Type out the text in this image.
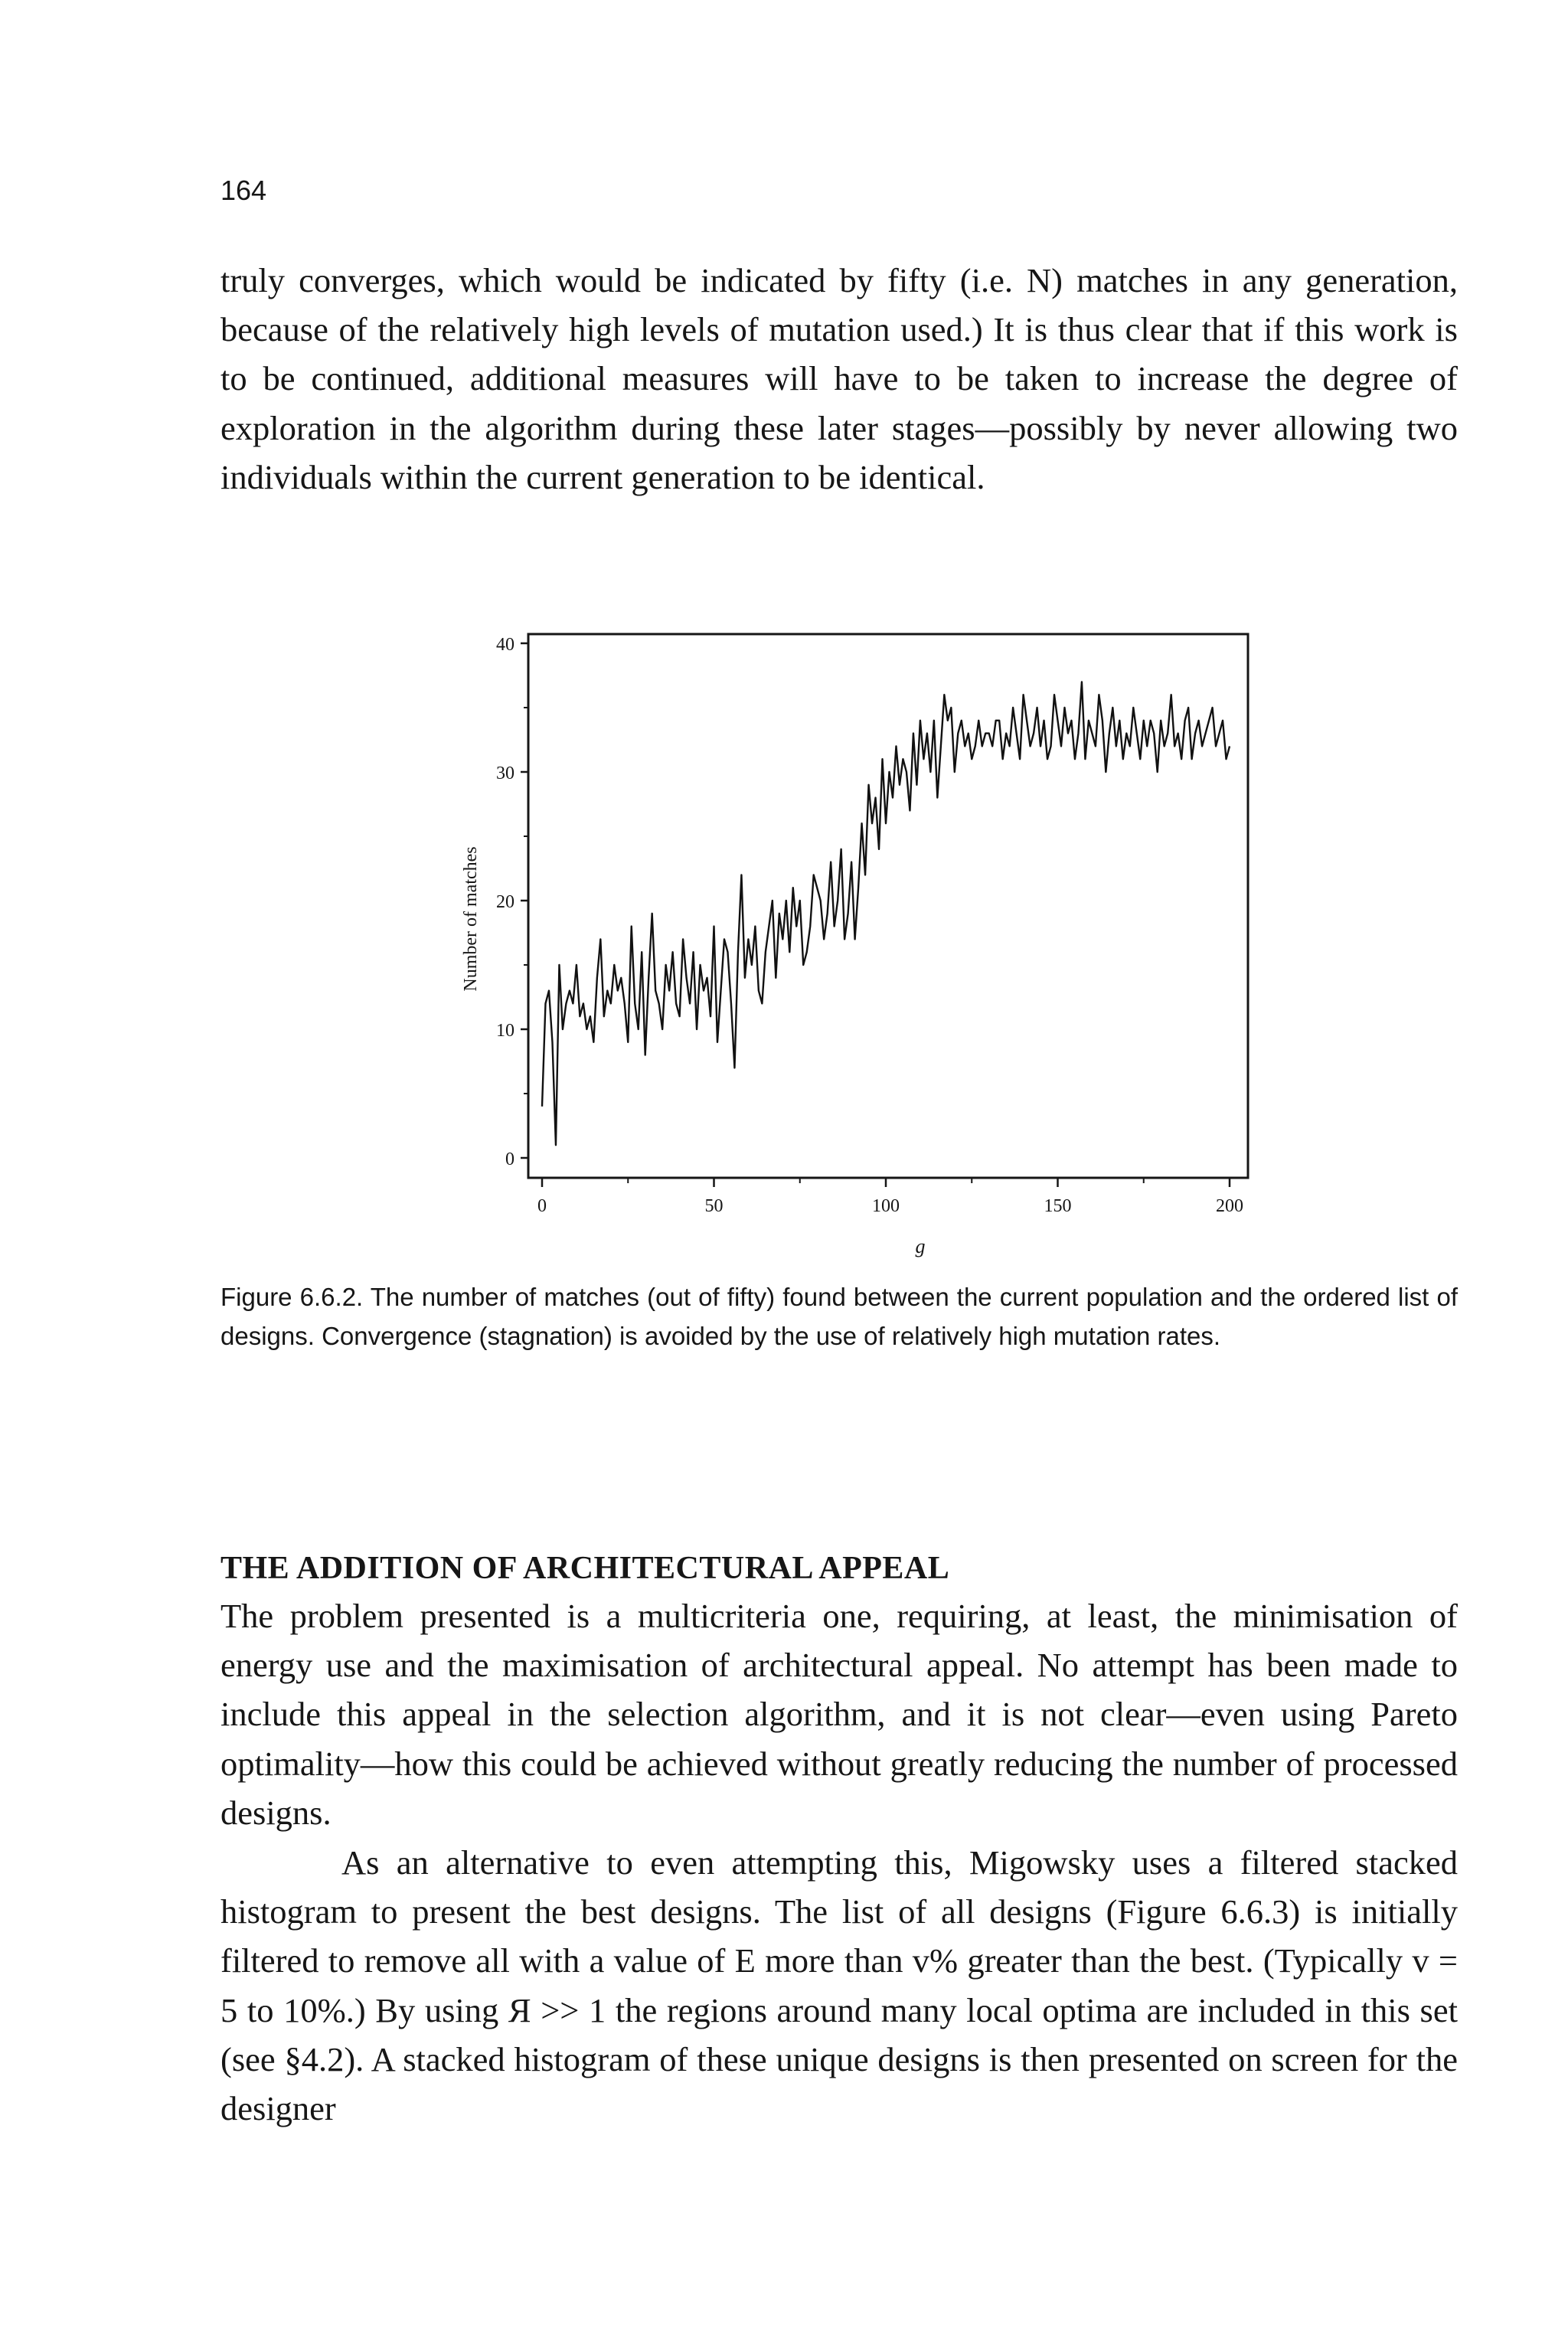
164
truly converges, which would be indicated by fifty (i.e. N) matches in any generation, because of the relatively high levels of mutation used.) It is thus clear that if this work is to be continued, additional measures will have to be taken to increase the degree of exploration in the algorithm during these later stages—possibly by never allowing two individuals within the current generation to be identical.
0
10
20
30
40
0	50	100	150	200
Number of matches
g
Figure 6.6.2. The number of matches (out of fifty) found between the current population and the ordered list of designs. Convergence (stagnation) is avoided by the use of relatively high mutation rates.
THE ADDITION OF ARCHITECTURAL APPEAL
The problem presented is a multicriteria one, requiring, at least, the minimisation of energy use and the maximisation of architectural appeal. No attempt has been made to include this appeal in the selection algorithm, and it is not clear—even using Pareto optimality—how this could be achieved without greatly reducing the number of processed designs.
As an alternative to even attempting this, Migowsky uses a filtered stacked histogram to present the best designs. The list of all designs (Figure 6.6.3) is initially filtered to remove all with a value of E more than v% greater than the best. (Typically v = 5 to 10%.) By using Я >> 1 the regions around many local optima are included in this set (see §4.2). A stacked histogram of these unique designs is then presented on screen for the designer
